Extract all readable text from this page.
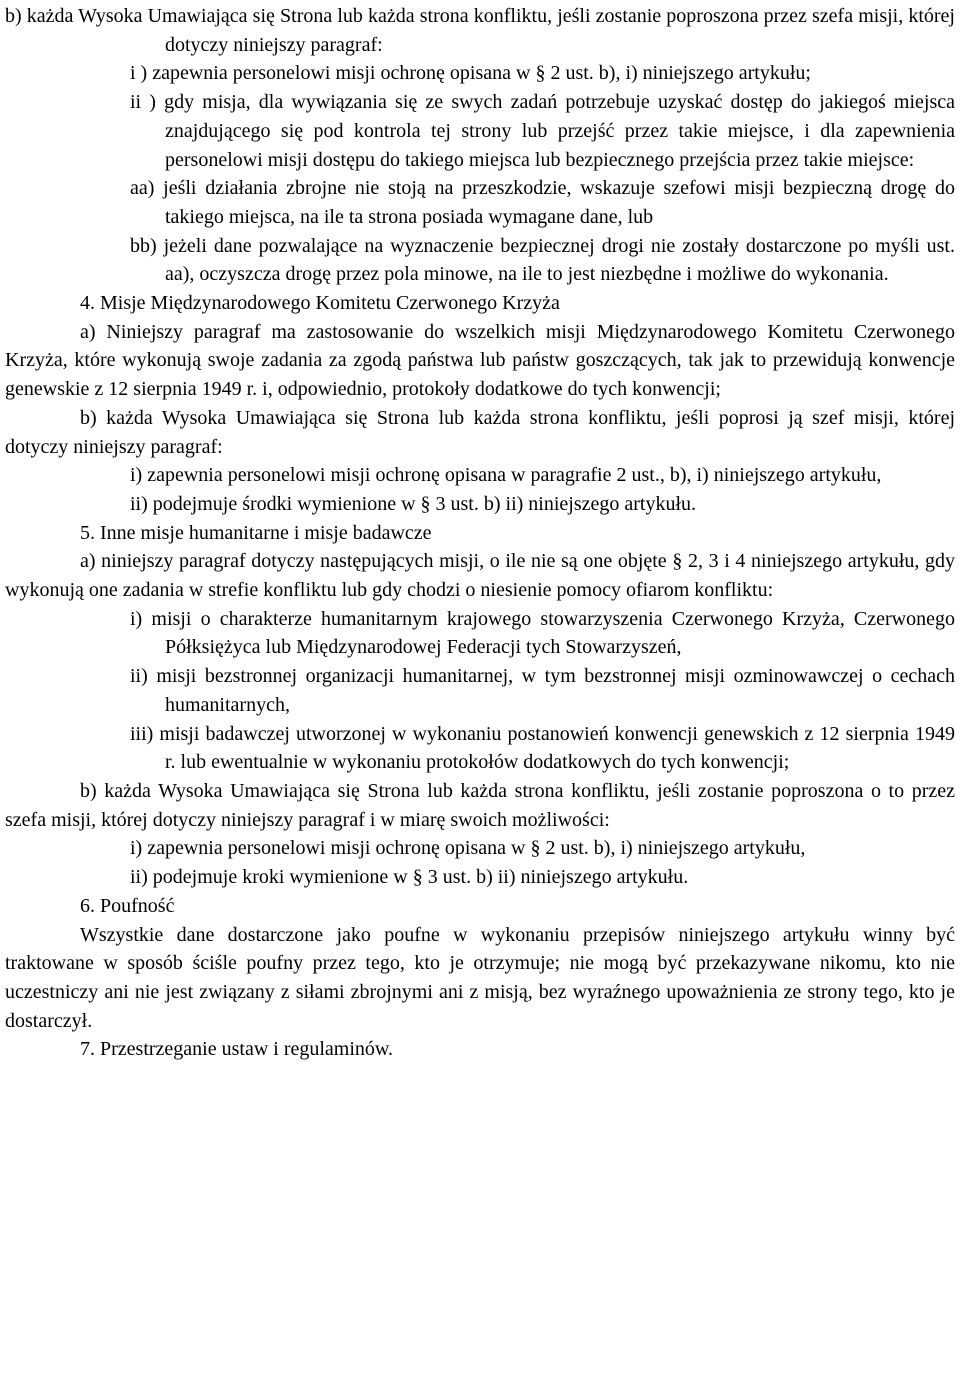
b) każda Wysoka Umawiająca się Strona lub każda strona konfliktu, jeśli zostanie poproszona przez szefa misji, której dotyczy niniejszy paragraf:

i ) zapewnia personelowi misji ochronę opisana w § 2 ust. b), i) niniejszego artykułu;

ii ) gdy misja, dla wywiązania się ze swych zadań potrzebuje uzyskać dostęp do jakiegoś miejsca znajdującego się pod kontrola tej strony lub przejść przez takie miejsce, i dla zapewnienia personelowi misji dostępu do takiego miejsca lub bezpiecznego przejścia przez takie miejsce:

aa) jeśli działania zbrojne nie stoją na przeszkodzie, wskazuje szefowi misji bezpieczną drogę do takiego miejsca, na ile ta strona posiada wymagane dane, lub

bb) jeżeli dane pozwalające na wyznaczenie bezpiecznej drogi nie zostały dostarczone po myśli ust. aa), oczyszcza drogę przez pola minowe, na ile to jest niezbędne i możliwe do wykonania.

4. Misje Międzynarodowego Komitetu Czerwonego Krzyża

a) Niniejszy paragraf ma zastosowanie do wszelkich misji Międzynarodowego Komitetu Czerwonego Krzyża, które wykonują swoje zadania za zgodą państwa lub państw goszczących, tak jak to przewidują konwencje genewskie z 12 sierpnia 1949 r. i, odpowiednio, protokoły dodatkowe do tych konwencji;

b) każda Wysoka Umawiająca się Strona lub każda strona konfliktu, jeśli poprosi ją szef misji, której dotyczy niniejszy paragraf:

i) zapewnia personelowi misji ochronę opisana w paragrafie 2 ust., b), i) niniejszego artykułu,

ii) podejmuje środki wymienione w § 3 ust. b) ii) niniejszego artykułu.

5. Inne misje humanitarne i misje badawcze

a) niniejszy paragraf dotyczy następujących misji, o ile nie są one objęte § 2, 3 i 4 niniejszego artykułu, gdy wykonują one zadania w strefie konfliktu lub gdy chodzi o niesienie pomocy ofiarom konfliktu:

i) misji o charakterze humanitarnym krajowego stowarzyszenia Czerwonego Krzyża, Czerwonego Półksiężyca lub Międzynarodowej Federacji tych Stowarzyszeń,

ii) misji bezstronnej organizacji humanitarnej, w tym bezstronnej misji ozminowawczej o cechach humanitarnych,

iii) misji badawczej utworzonej w wykonaniu postanowień konwencji genewskich z 12 sierpnia 1949 r. lub ewentualnie w wykonaniu protokołów dodatkowych do tych konwencji;

b) każda Wysoka Umawiająca się Strona lub każda strona konfliktu, jeśli zostanie poproszona o to przez szefa misji, której dotyczy niniejszy paragraf i w miarę swoich możliwości:

i) zapewnia personelowi misji ochronę opisana w § 2 ust. b), i) niniejszego artykułu,

ii) podejmuje kroki wymienione w § 3 ust. b) ii) niniejszego artykułu.

6. Poufność

Wszystkie dane dostarczone jako poufne w wykonaniu przepisów niniejszego artykułu winny być traktowane w sposób ściśle poufny przez tego, kto je otrzymuje; nie mogą być przekazywane nikomu, kto nie uczestniczy ani nie jest związany z siłami zbrojnymi ani z misją, bez wyraźnego upoważnienia ze strony tego, kto je dostarczył.

7. Przestrzeganie ustaw i regulaminów.
